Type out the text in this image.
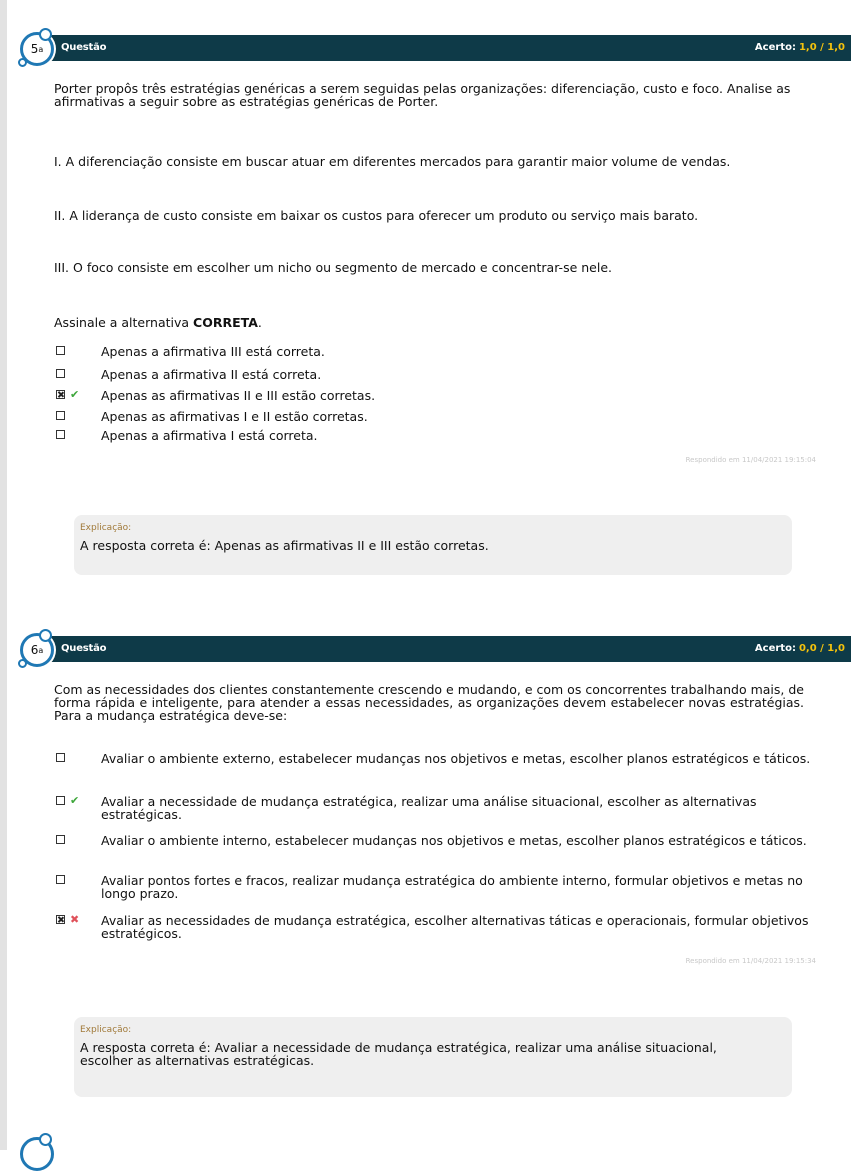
Questão	Acerto: 1,0 / 1,0
5 a
Porter propôs três estratégias genéricas a serem seguidas pelas organizações: diferenciação, custo e foco. Analise as afirmativas a seguir sobre as estratégias genéricas de Porter.
I. A diferenciação consiste em buscar atuar em diferentes mercados para garantir maior volume de vendas.
II. A liderança de custo consiste em baixar os custos para oferecer um produto ou serviço mais barato.
III. O foco consiste em escolher um nicho ou segmento de mercado e concentrar-se nele.
Assinale a alternativa CORRETA.
Apenas a afirmativa III está correta.
Apenas a afirmativa II está correta.
✔ Apenas as afirmativas II e III estão corretas.
Apenas as afirmativas I e II estão corretas.
Apenas a afirmativa I está correta.
Respondido em 11/04/2021 19:15:04
Explicação:
A resposta correta é: Apenas as afirmativas II e III estão corretas.
Questão	Acerto: 0,0 / 1,0
6 a
Com as necessidades dos clientes constantemente crescendo e mudando, e com os concorrentes trabalhando mais, de forma rápida e inteligente, para atender a essas necessidades, as organizações devem estabelecer novas estratégias. Para a mudança estratégica deve-se:
Avaliar o ambiente externo, estabelecer mudanças nos objetivos e metas, escolher planos estratégicos e táticos.
✔ Avaliar a necessidade de mudança estratégica, realizar uma análise situacional, escolher as alternativas estratégicas.
Avaliar o ambiente interno, estabelecer mudanças nos objetivos e metas, escolher planos estratégicos e táticos.
Avaliar pontos fortes e fracos, realizar mudança estratégica do ambiente interno, formular objetivos e metas no longo prazo.
✖ Avaliar as necessidades de mudança estratégica, escolher alternativas táticas e operacionais, formular objetivos estratégicos.
Respondido em 11/04/2021 19:15:34
Explicação:
A resposta correta é: Avaliar a necessidade de mudança estratégica, realizar uma análise situacional, escolher as alternativas estratégicas.
